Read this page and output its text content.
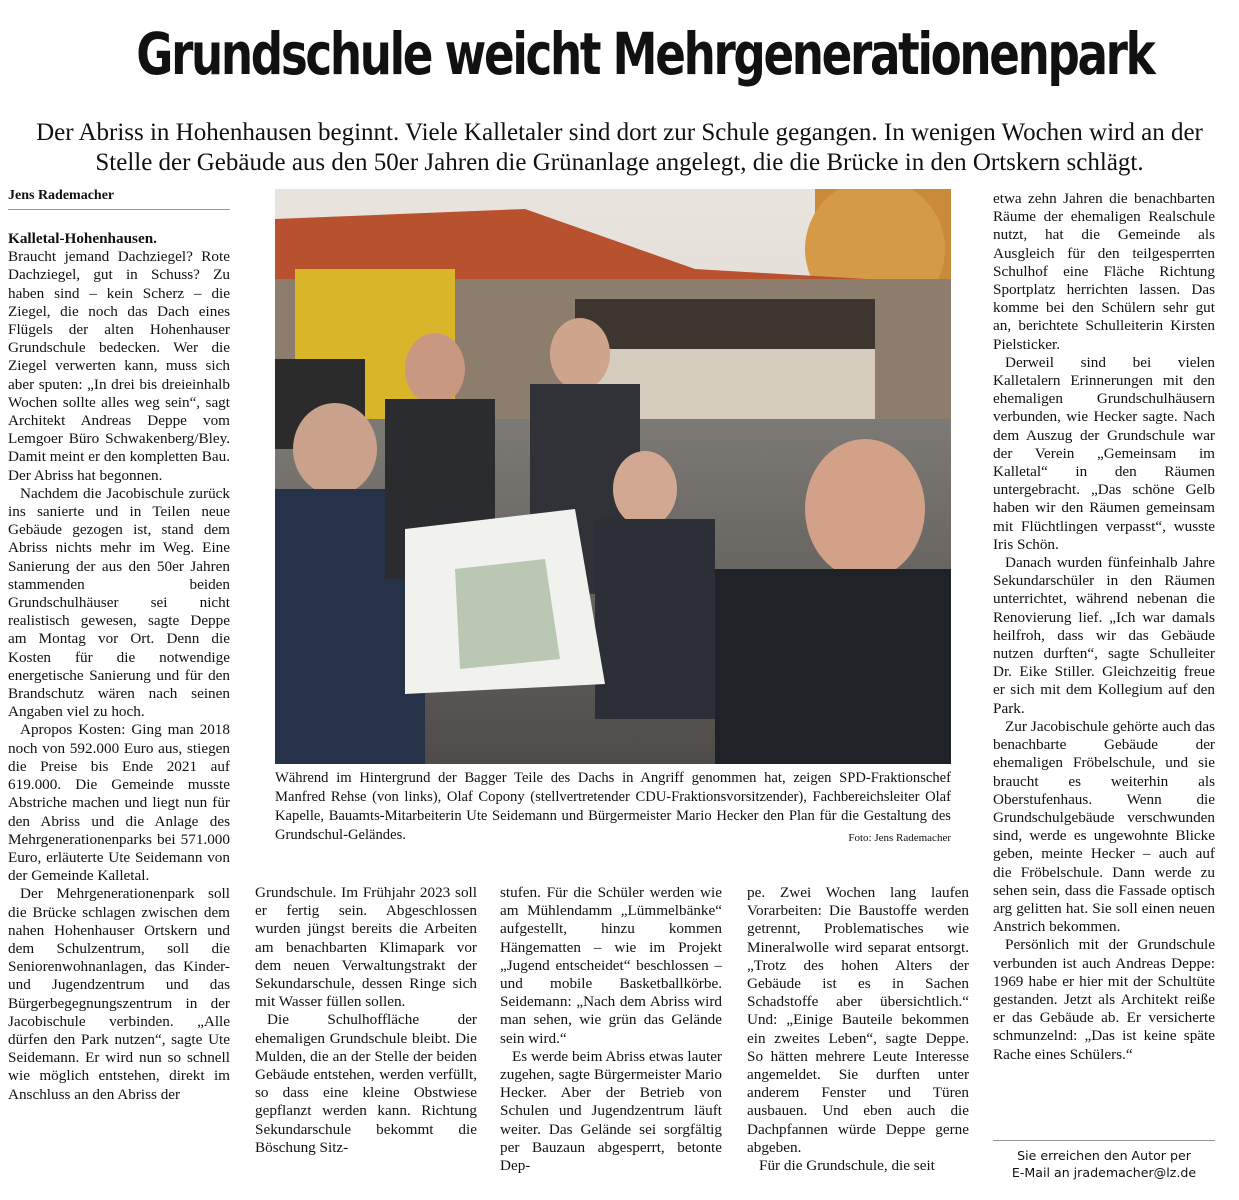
Grundschule weicht Mehrgenerationenpark
Der Abriss in Hohenhausen beginnt. Viele Kalletaler sind dort zur Schule gegangen. In wenigen Wochen wird an der Stelle der Gebäude aus den 50er Jahren die Grünanlage angelegt, die die Brücke in den Ortskern schlägt.
Jens Rademacher

Kalletal-Hohenhausen.
Braucht jemand Dachziegel? Rote Dachziegel, gut in Schuss? Zu haben sind – kein Scherz – die Ziegel, die noch das Dach eines Flügels der alten Hohenhauser Grundschule bedecken. Wer die Ziegel verwerten kann, muss sich aber sputen: „In drei bis dreieinhalb Wochen sollte alles weg sein“, sagt Architekt Andreas Deppe vom Lemgoer Büro Schwakenberg/Bley. Damit meint er den kompletten Bau. Der Abriss hat begonnen.

Nachdem die Jacobischule zurück ins sanierte und in Teilen neue Gebäude gezogen ist, stand dem Abriss nichts mehr im Weg. Eine Sanierung der aus den 50er Jahren stammenden beiden Grundschulhäuser sei nicht realistisch gewesen, sagte Deppe am Montag vor Ort. Denn die Kosten für die notwendige energetische Sanierung und für den Brandschutz wären nach seinen Angaben viel zu hoch.

Apropos Kosten: Ging man 2018 noch von 592.000 Euro aus, stiegen die Preise bis Ende 2021 auf 619.000. Die Gemeinde musste Abstriche machen und liegt nun für den Abriss und die Anlage des Mehrgenerationenparks bei 571.000 Euro, erläuterte Ute Seidemann von der Gemeinde Kalletal.

Der Mehrgenerationenpark soll die Brücke schlagen zwischen dem nahen Hohenhauser Ortskern und dem Schulzentrum, soll die Seniorenwohnanlagen, das Kinder- und Jugendzentrum und das Bürgerbegegnungszentrum in der Jacobischule verbinden. „Alle dürfen den Park nutzen“, sagte Ute Seidemann. Er wird nun so schnell wie möglich entstehen, direkt im Anschluss an den Abriss der

Während im Hintergrund der Bagger Teile des Dachs in Angriff genommen hat, zeigen SPD-Fraktionschef Manfred Rehse (von links), Olaf Copony (stellvertretender CDU-Fraktionsvorsitzender), Fachbereichsleiter Olaf Kapelle, Bauamts-Mitarbeiterin Ute Seidemann und Bürgermeister Mario Hecker den Plan für die Gestaltung des Grundschul-Geländes.	Foto: Jens Rademacher

Grundschule. Im Frühjahr 2023 soll er fertig sein. Abgeschlossen wurden jüngst bereits die Arbeiten am benachbarten Klimapark vor dem neuen Verwaltungstrakt der Sekundarschule, dessen Ringe sich mit Wasser füllen sollen.

Die Schulhoffläche der ehemaligen Grundschule bleibt. Die Mulden, die an der Stelle der beiden Gebäude entstehen, werden verfüllt, so dass eine kleine Obstwiese gepflanzt werden kann. Richtung Sekundarschule bekommt die Böschung Sitz-

stufen. Für die Schüler werden wie am Mühlendamm „Lümmelbänke“ aufgestellt, hinzu kommen Hängematten – wie im Projekt „Jugend entscheidet“ beschlossen – und mobile Basketballkörbe. Seidemann: „Nach dem Abriss wird man sehen, wie grün das Gelände sein wird.“

Es werde beim Abriss etwas lauter zugehen, sagte Bürgermeister Mario Hecker. Aber der Betrieb von Schulen und Jugendzentrum läuft weiter. Das Gelände sei sorgfältig per Bauzaun abgesperrt, betonte Dep-

pe. Zwei Wochen lang laufen Vorarbeiten: Die Baustoffe werden getrennt, Problematisches wie Mineralwolle wird separat entsorgt. „Trotz des hohen Alters der Gebäude ist es in Sachen Schadstoffe aber übersichtlich.“ Und: „Einige Bauteile bekommen ein zweites Leben“, sagte Deppe. So hätten mehrere Leute Interesse angemeldet. Sie durften unter anderem Fenster und Türen ausbauen. Und eben auch die Dachpfannen würde Deppe gerne abgeben.

Für die Grundschule, die seit

etwa zehn Jahren die benachbarten Räume der ehemaligen Realschule nutzt, hat die Gemeinde als Ausgleich für den teilgesperrten Schulhof eine Fläche Richtung Sportplatz herrichten lassen. Das komme bei den Schülern sehr gut an, berichtete Schulleiterin Kirsten Pielsticker.

Derweil sind bei vielen Kalletalern Erinnerungen mit den ehemaligen Grundschulhäusern verbunden, wie Hecker sagte. Nach dem Auszug der Grundschule war der Verein „Gemeinsam im Kalletal“ in den Räumen untergebracht. „Das schöne Gelb haben wir den Räumen gemeinsam mit Flüchtlingen verpasst“, wusste Iris Schön.

Danach wurden fünfeinhalb Jahre Sekundarschüler in den Räumen unterrichtet, während nebenan die Renovierung lief. „Ich war damals heilfroh, dass wir das Gebäude nutzen durften“, sagte Schulleiter Dr. Eike Stiller. Gleichzeitig freue er sich mit dem Kollegium auf den Park.

Zur Jacobischule gehörte auch das benachbarte Gebäude der ehemaligen Fröbelschule, und sie braucht es weiterhin als Oberstufenhaus. Wenn die Grundschulgebäude verschwunden sind, werde es ungewohnte Blicke geben, meinte Hecker – auch auf die Fröbelschule. Dann werde zu sehen sein, dass die Fassade optisch arg gelitten hat. Sie soll einen neuen Anstrich bekommen.

Persönlich mit der Grundschule verbunden ist auch Andreas Deppe: 1969 habe er hier mit der Schultüte gestanden. Jetzt als Architekt reiße er das Gebäude ab. Er versicherte schmunzelnd: „Das ist keine späte Rache eines Schülers.“

Sie erreichen den Autor per
E-Mail an jrademacher@lz.de
